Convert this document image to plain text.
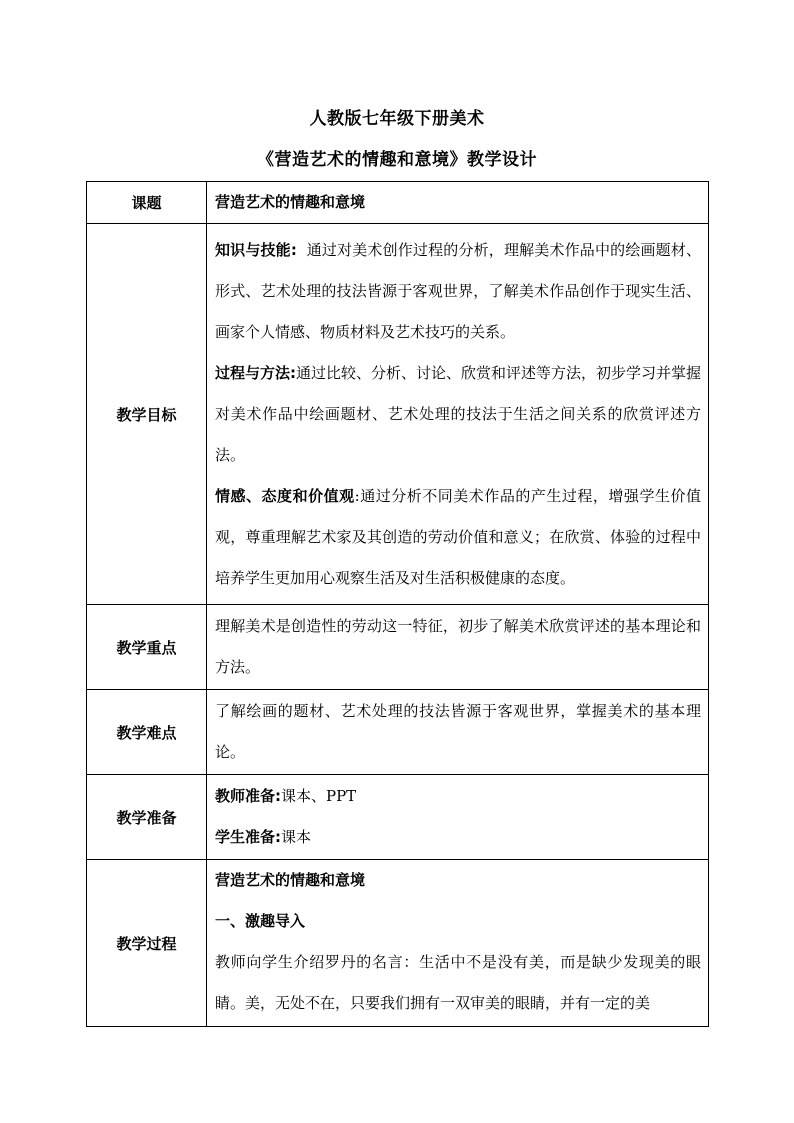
人教版七年级下册美术
《营造艺术的情趣和意境》教学设计
课题	营造艺术的情趣和意境
教学目标	知识与技能:  通过对美术创作过程的分析，理解美术作品中的绘画题材、形式、艺术处理的技法皆源于客观世界，了解美术作品创作于现实生活、画家个人情感、物质材料及艺术技巧的关系。
过程与方法:通过比较、分析、讨论、欣赏和评述等方法，初步学习并掌握对美术作品中绘画题材、艺术处理的技法于生活之间关系的欣赏评述方法。
情感、态度和价值观:通过分析不同美术作品的产生过程，增强学生价值观，尊重理解艺术家及其创造的劳动价值和意义；在欣赏、体验的过程中培养学生更加用心观察生活及对生活积极健康的态度。

教学重点	理解美术是创造性的劳动这一特征，初步了解美术欣赏评述的基本理论和方法。
教学难点	了解绘画的题材、艺术处理的技法皆源于客观世界，掌握美术的基本理论。
教学准备	教师准备:课本、PPT
学生准备:课本

教学过程	营造艺术的情趣和意境
一、激趣导入
教师向学生介绍罗丹的名言：生活中不是没有美，而是缺少发现美的眼睛。美，无处不在，只要我们拥有一双审美的眼睛，并有一定的美
